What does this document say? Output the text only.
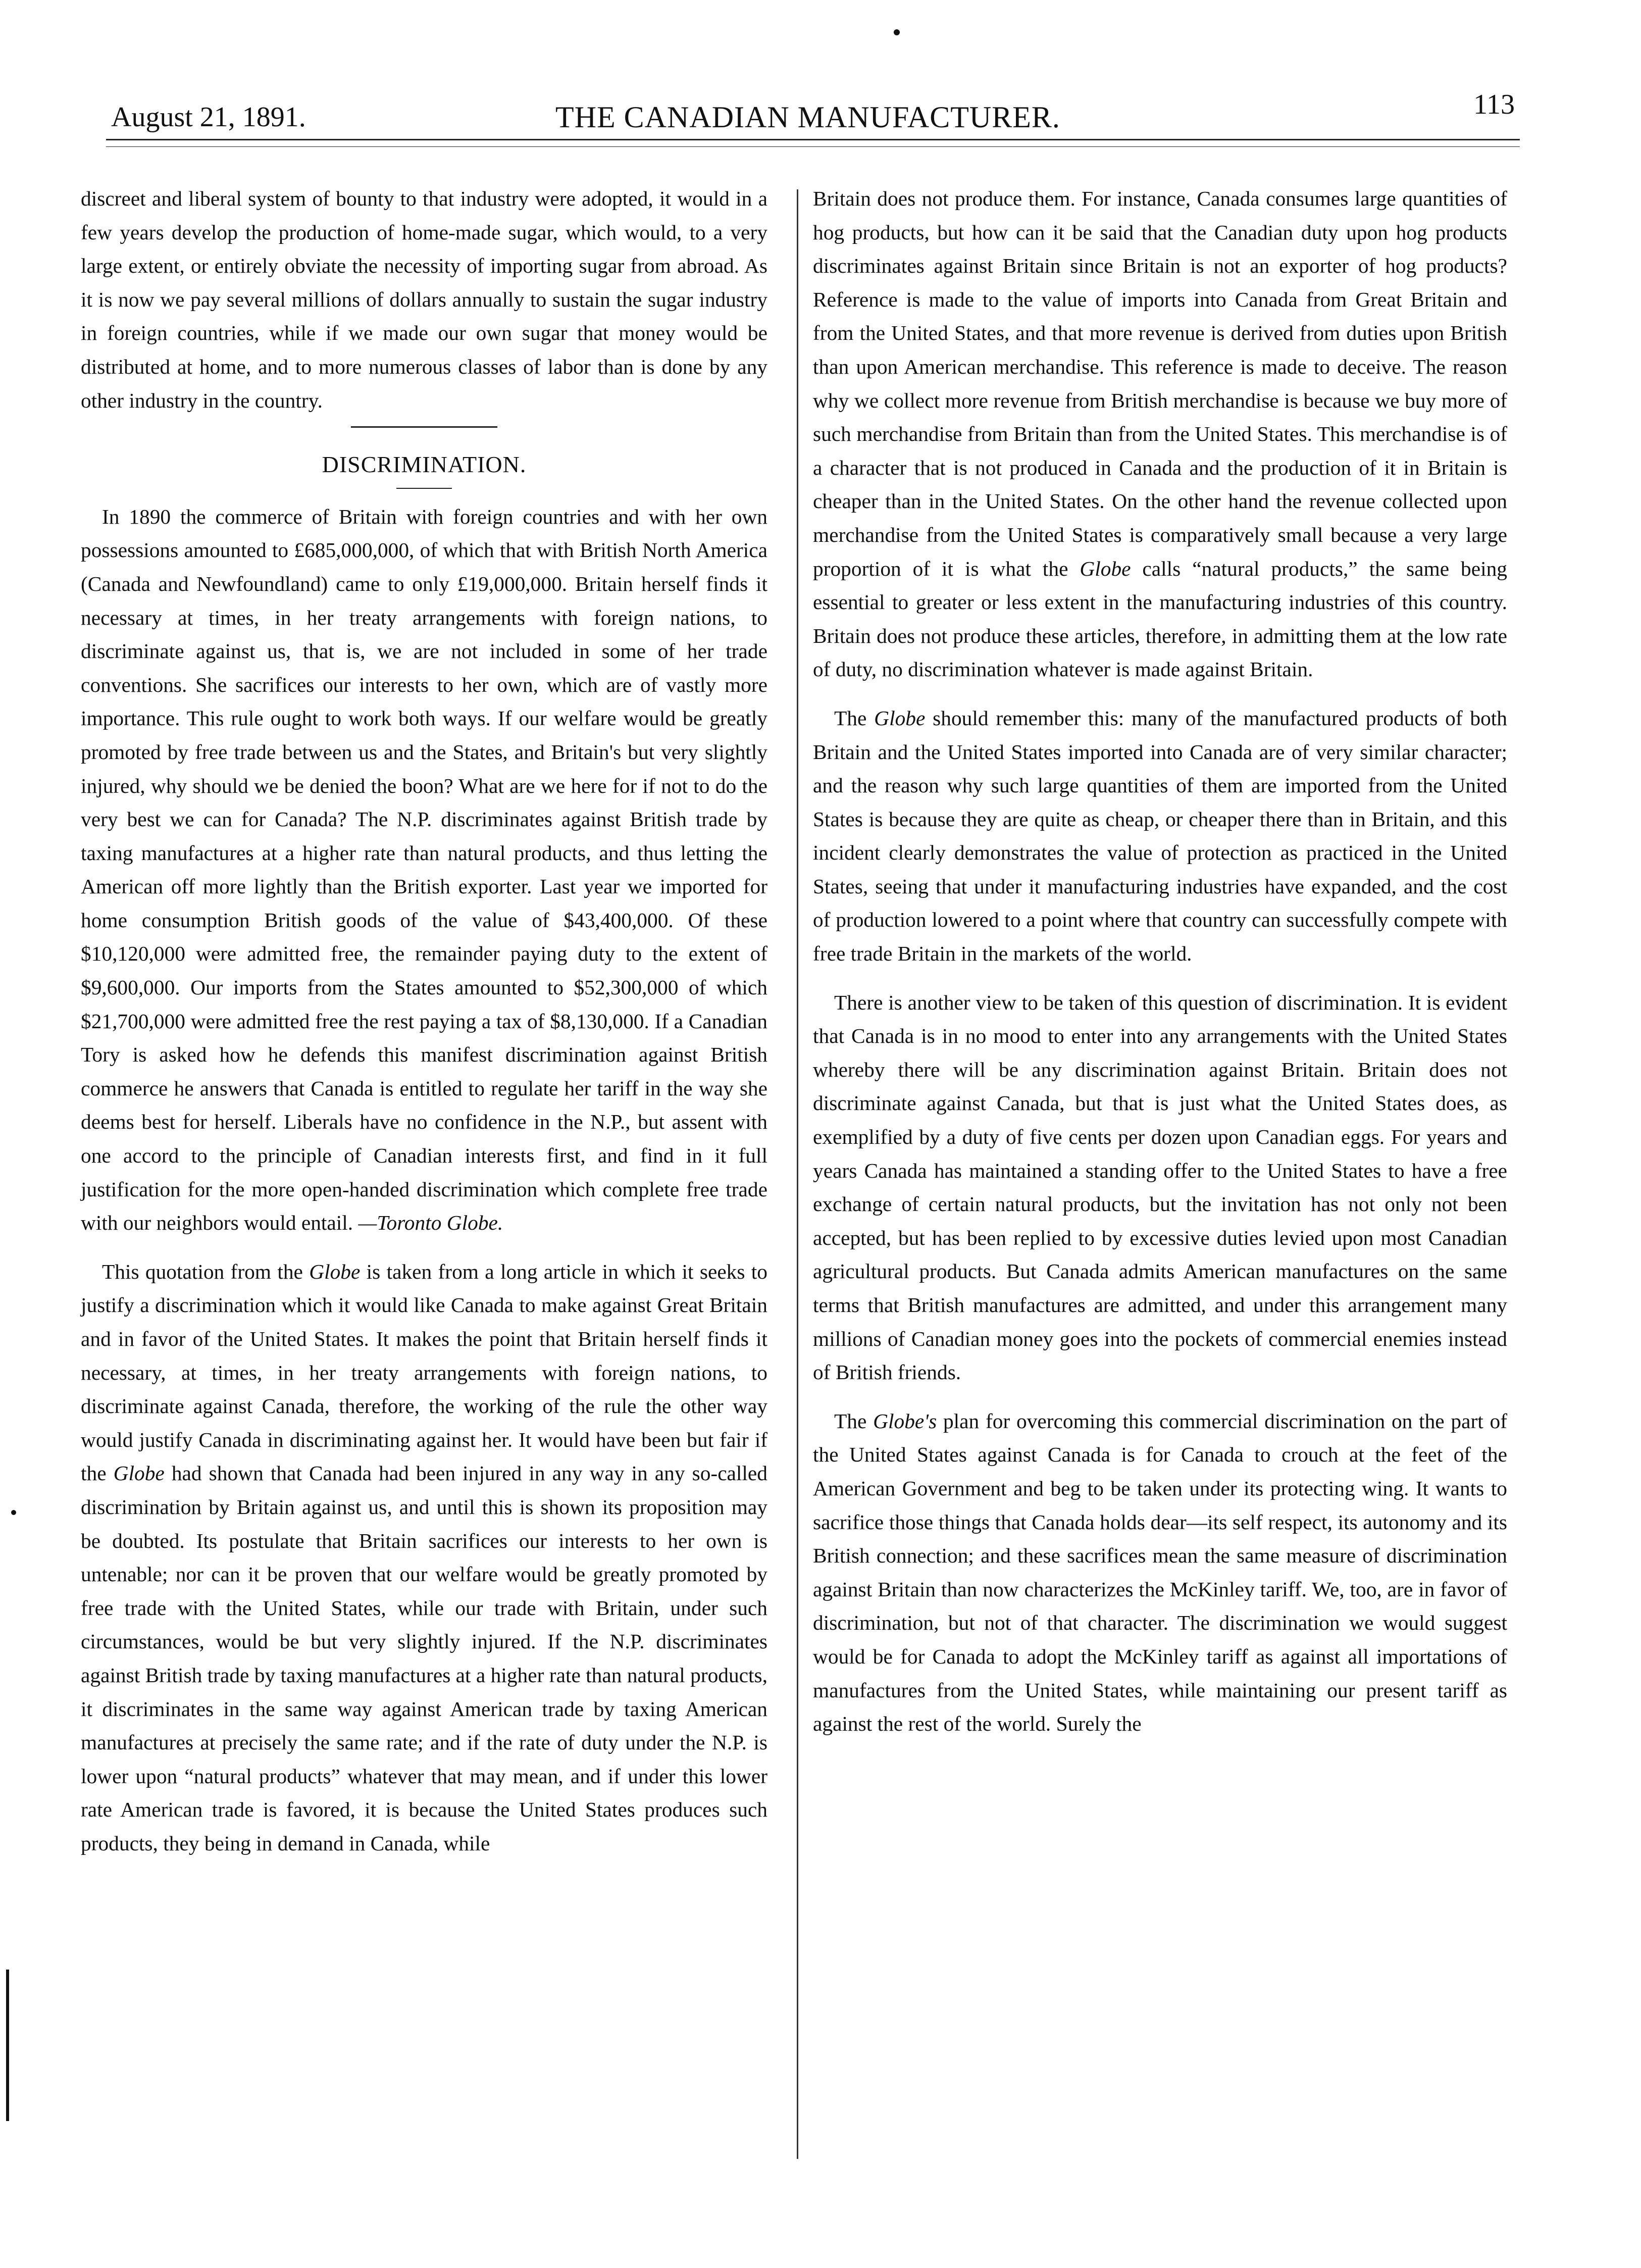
August 21, 1891.	THE CANADIAN MANUFACTURER.	113

discreet and liberal system of bounty to that industry were adopted, it would in a few years develop the production of home-made sugar, which would, to a very large extent, or entirely obviate the necessity of importing sugar from abroad. As it is now we pay several millions of dollars annually to sustain the sugar industry in foreign countries, while if we made our own sugar that money would be distributed at home, and to more numerous classes of labor than is done by any other industry in the country.

DISCRIMINATION.

In 1890 the commerce of Britain with foreign countries and with her own possessions amounted to £685,000,000, of which that with British North America (Canada and Newfoundland) came to only £19,000,000. Britain herself finds it necessary at times, in her treaty arrangements with foreign nations, to discriminate against us, that is, we are not included in some of her trade conventions. She sacrifices our interests to her own, which are of vastly more importance. This rule ought to work both ways. If our welfare would be greatly promoted by free trade between us and the States, and Britain's but very slightly injured, why should we be denied the boon? What are we here for if not to do the very best we can for Canada? The N.P. discriminates against British trade by taxing manufactures at a higher rate than natural products, and thus letting the American off more lightly than the British exporter. Last year we imported for home consumption British goods of the value of $43,400,000. Of these $10,120,000 were admitted free, the remainder paying duty to the extent of $9,600,000. Our imports from the States amounted to $52,300,000 of which $21,700,000 were admitted free the rest paying a tax of $8,130,000. If a Canadian Tory is asked how he defends this manifest discrimination against British commerce he answers that Canada is entitled to regulate her tariff in the way she deems best for herself. Liberals have no confidence in the N.P., but assent with one accord to the principle of Canadian interests first, and find in it full justification for the more open-handed discrimination which complete free trade with our neighbors would entail. —Toronto Globe.

This quotation from the Globe is taken from a long article in which it seeks to justify a discrimination which it would like Canada to make against Great Britain and in favor of the United States. It makes the point that Britain herself finds it necessary, at times, in her treaty arrangements with foreign nations, to discriminate against Canada, therefore, the working of the rule the other way would justify Canada in discriminating against her. It would have been but fair if the Globe had shown that Canada had been injured in any way in any so-called discrimination by Britain against us, and until this is shown its proposition may be doubted. Its postulate that Britain sacrifices our interests to her own is untenable; nor can it be proven that our welfare would be greatly promoted by free trade with the United States, while our trade with Britain, under such circumstances, would be but very slightly injured. If the N.P. discriminates against British trade by taxing manufactures at a higher rate than natural products, it discriminates in the same way against American trade by taxing American manufactures at precisely the same rate; and if the rate of duty under the N.P. is lower upon “natural products” whatever that may mean, and if under this lower rate American trade is favored, it is because the United States produces such products, they being in demand in Canada, while

Britain does not produce them. For instance, Canada consumes large quantities of hog products, but how can it be said that the Canadian duty upon hog products discriminates against Britain since Britain is not an exporter of hog products? Reference is made to the value of imports into Canada from Great Britain and from the United States, and that more revenue is derived from duties upon British than upon American merchandise. This reference is made to deceive. The reason why we collect more revenue from British merchandise is because we buy more of such merchandise from Britain than from the United States. This merchandise is of a character that is not produced in Canada and the production of it in Britain is cheaper than in the United States. On the other hand the revenue collected upon merchandise from the United States is comparatively small because a very large proportion of it is what the Globe calls “natural products,” the same being essential to greater or less extent in the manufacturing industries of this country. Britain does not produce these articles, therefore, in admitting them at the low rate of duty, no discrimination whatever is made against Britain.

The Globe should remember this: many of the manufactured products of both Britain and the United States imported into Canada are of very similar character; and the reason why such large quantities of them are imported from the United States is because they are quite as cheap, or cheaper there than in Britain, and this incident clearly demonstrates the value of protection as practiced in the United States, seeing that under it manufacturing industries have expanded, and the cost of production lowered to a point where that country can successfully compete with free trade Britain in the markets of the world.

There is another view to be taken of this question of discrimination. It is evident that Canada is in no mood to enter into any arrangements with the United States whereby there will be any discrimination against Britain. Britain does not discriminate against Canada, but that is just what the United States does, as exemplified by a duty of five cents per dozen upon Canadian eggs. For years and years Canada has maintained a standing offer to the United States to have a free exchange of certain natural products, but the invitation has not only not been accepted, but has been replied to by excessive duties levied upon most Canadian agricultural products. But Canada admits American manufactures on the same terms that British manufactures are admitted, and under this arrangement many millions of Canadian money goes into the pockets of commercial enemies instead of British friends.

The Globe's plan for overcoming this commercial discrimination on the part of the United States against Canada is for Canada to crouch at the feet of the American Government and beg to be taken under its protecting wing. It wants to sacrifice those things that Canada holds dear—its self respect, its autonomy and its British connection; and these sacrifices mean the same measure of discrimination against Britain than now characterizes the McKinley tariff. We, too, are in favor of discrimination, but not of that character. The discrimination we would suggest would be for Canada to adopt the McKinley tariff as against all importations of manufactures from the United States, while maintaining our present tariff as against the rest of the world. Surely the
